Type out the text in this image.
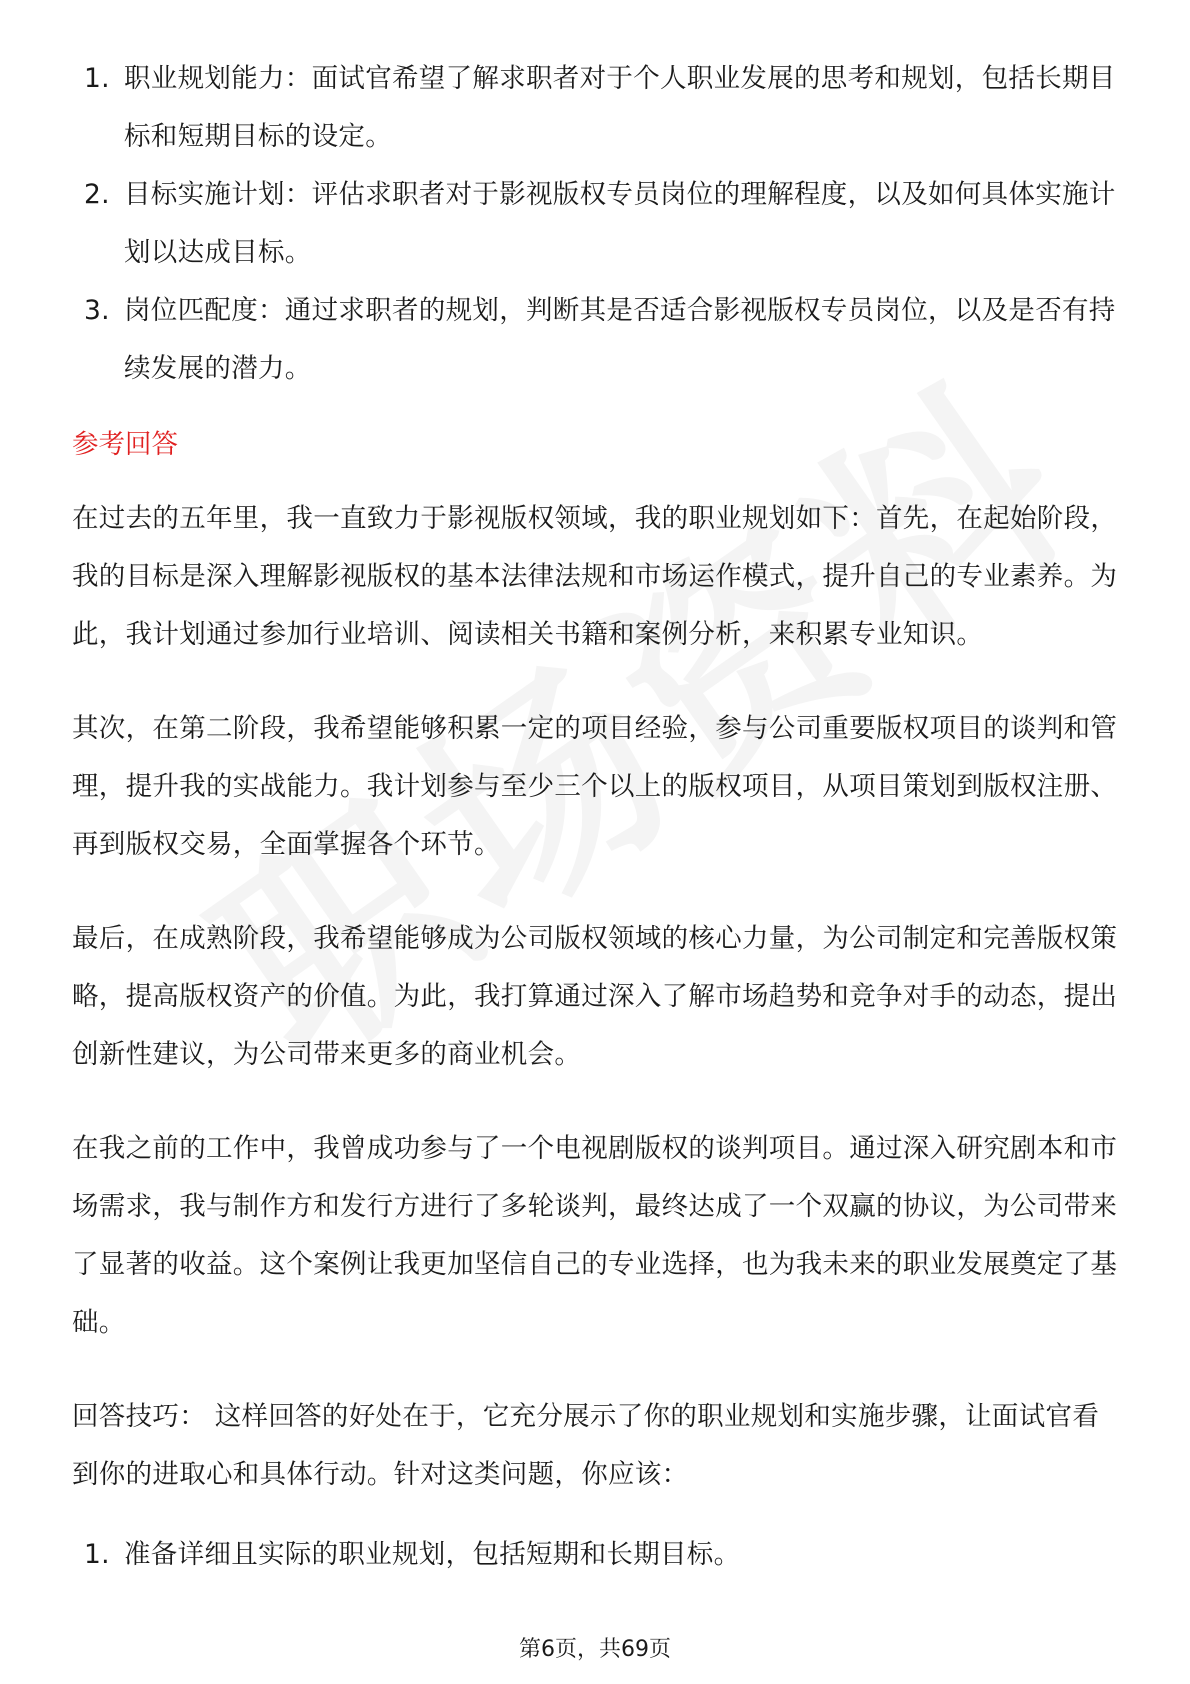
1. 职业规划能力：面试官希望了解求职者对于个人职业发展的思考和规划，包括长期目标和短期目标的设定。
2. 目标实施计划：评估求职者对于影视版权专员岗位的理解程度，以及如何具体实施计划以达成目标。
3. 岗位匹配度：通过求职者的规划，判断其是否适合影视版权专员岗位，以及是否有持续发展的潜力。
参考回答

在过去的五年里，我一直致力于影视版权领域，我的职业规划如下：首先，在起始阶段，我的目标是深入理解影视版权的基本法律法规和市场运作模式，提升自己的专业素养。为此，我计划通过参加行业培训、阅读相关书籍和案例分析，来积累专业知识。

其次，在第二阶段，我希望能够积累一定的项目经验，参与公司重要版权项目的谈判和管理，提升我的实战能力。我计划参与至少三个以上的版权项目，从项目策划到版权注册、再到版权交易，全面掌握各个环节。

最后，在成熟阶段，我希望能够成为公司版权领域的核心力量，为公司制定和完善版权策略，提高版权资产的价值。为此，我打算通过深入了解市场趋势和竞争对手的动态，提出创新性建议，为公司带来更多的商业机会。

在我之前的工作中，我曾成功参与了一个电视剧版权的谈判项目。通过深入研究剧本和市场需求，我与制作方和发行方进行了多轮谈判，最终达成了一个双赢的协议，为公司带来了显著的收益。这个案例让我更加坚信自己的专业选择，也为我未来的职业发展奠定了基础。

回答技巧： 这样回答的好处在于，它充分展示了你的职业规划和实施步骤，让面试官看到你的进取心和具体行动。针对这类问题，你应该：

1. 准备详细且实际的职业规划，包括短期和长期目标。
第6页，共69页
